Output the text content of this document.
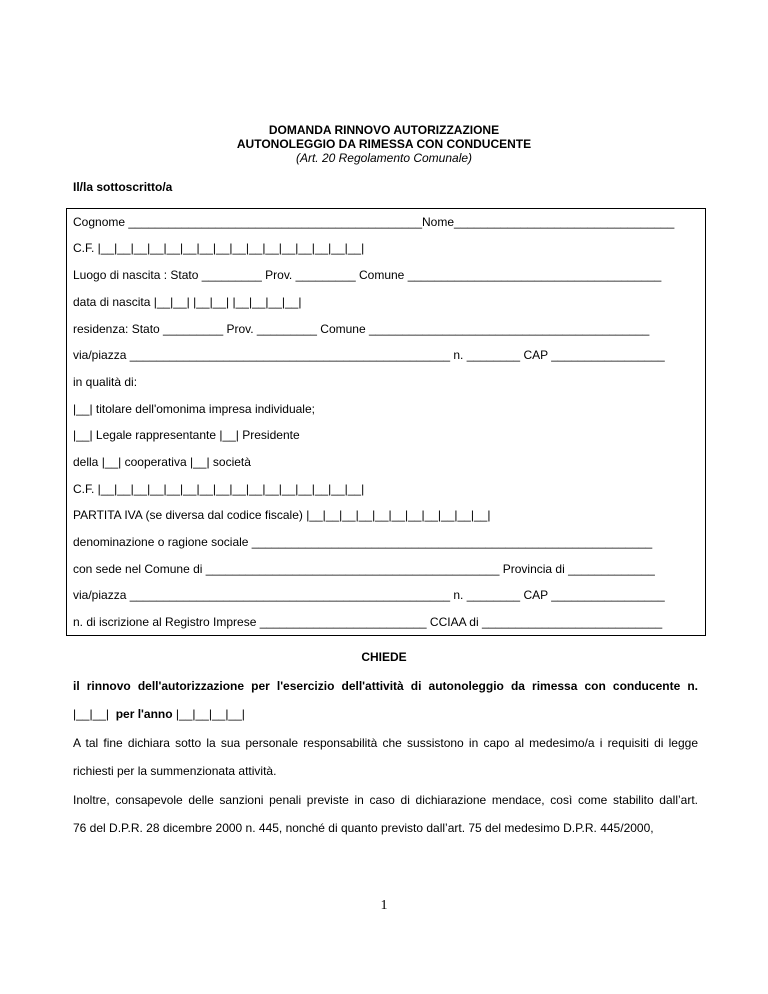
DOMANDA RINNOVO AUTORIZZAZIONE
AUTONOLEGGIO DA RIMESSA CON CONDUCENTE
(Art. 20 Regolamento Comunale)
Il/la sottoscritto/a
Cognome ____________________________________________Nome_________________________________
C.F. |__|__|__|__|__|__|__|__|__|__|__|__|__|__|__|__|
Luogo di nascita : Stato _________ Prov. _________ Comune ______________________________________
data di nascita |__|__| |__|__| |__|__|__|__|
residenza: Stato _________ Prov. _________ Comune __________________________________________
via/piazza ________________________________________________ n. ________ CAP _________________
in qualità di:
|__| titolare dell'omonima impresa individuale;
|__| Legale rappresentante |__| Presidente
della |__| cooperativa |__| società
C.F. |__|__|__|__|__|__|__|__|__|__|__|__|__|__|__|__|
PARTITA IVA (se diversa dal codice fiscale) |__|__|__|__|__|__|__|__|__|__|__|
denominazione o ragione sociale ____________________________________________________________
con sede nel Comune di ____________________________________________ Provincia di _____________
via/piazza ________________________________________________ n. ________ CAP _________________
n. di iscrizione al Registro Imprese _________________________ CCIAA di ___________________________
CHIEDE
il rinnovo dell'autorizzazione per l'esercizio dell'attività di autonoleggio da rimessa con conducente n.
|__|__| per l'anno |__|__|__|__|
A tal fine dichiara sotto la sua personale responsabilità che sussistono in capo al medesimo/a i requisiti di legge
richiesti per la summenzionata attività.
Inoltre, consapevole delle sanzioni penali previste in caso di dichiarazione mendace, così come stabilito dall’art.
76 del D.P.R. 28 dicembre 2000 n. 445, nonché di quanto previsto dall’art. 75 del medesimo D.P.R. 445/2000,
1
